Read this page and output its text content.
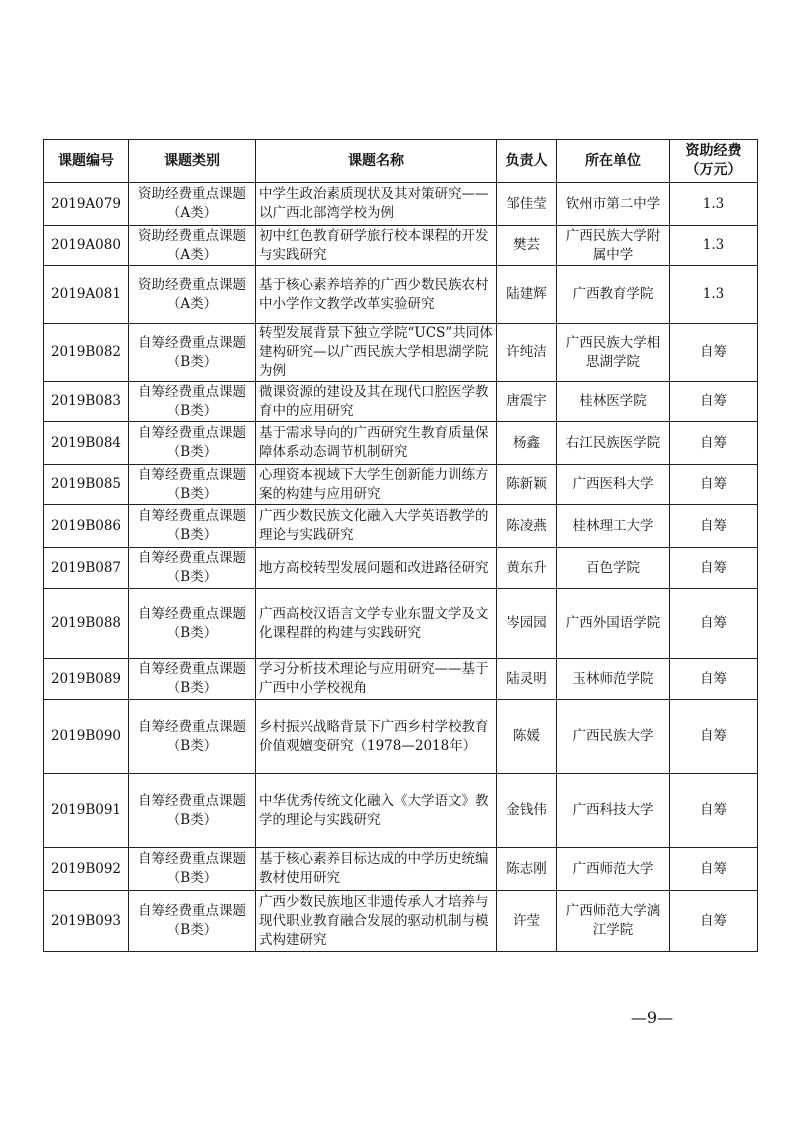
课题编号	课题类别	课题名称	负责人	所在单位	资助经费（万元）
2019A079	资助经费重点课题（A类）	中学生政治素质现状及其对策研究——以广西北部湾学校为例	邹佳莹	钦州市第二中学	1.3
2019A080	资助经费重点课题（A类）	初中红色教育研学旅行校本课程的开发与实践研究	樊芸	广西民族大学附属中学	1.3
2019A081	资助经费重点课题（A类）	基于核心素养培养的广西少数民族农村中小学作文教学改革实验研究	陆建辉	广西教育学院	1.3
2019B082	自筹经费重点课题（B类）	转型发展背景下独立学院“UCS”共同体建构研究—以广西民族大学相思湖学院为例	许纯洁	广西民族大学相思湖学院	自筹
2019B083	自筹经费重点课题（B类）	微课资源的建设及其在现代口腔医学教育中的应用研究	唐震宇	桂林医学院	自筹
2019B084	自筹经费重点课题（B类）	基于需求导向的广西研究生教育质量保障体系动态调节机制研究	杨鑫	右江民族医学院	自筹
2019B085	自筹经费重点课题（B类）	心理资本视域下大学生创新能力训练方案的构建与应用研究	陈新颖	广西医科大学	自筹
2019B086	自筹经费重点课题（B类）	广西少数民族文化融入大学英语教学的理论与实践研究	陈凌燕	桂林理工大学	自筹
2019B087	自筹经费重点课题（B类）	地方高校转型发展问题和改进路径研究	黄东升	百色学院	自筹
2019B088	自筹经费重点课题（B类）	广西高校汉语言文学专业东盟文学及文化课程群的构建与实践研究	岑园园	广西外国语学院	自筹
2019B089	自筹经费重点课题（B类）	学习分析技术理论与应用研究——基于广西中小学校视角	陆灵明	玉林师范学院	自筹
2019B090	自筹经费重点课题（B类）	乡村振兴战略背景下广西乡村学校教育价值观嬗变研究（1978—2018年）	陈媛	广西民族大学	自筹
2019B091	自筹经费重点课题（B类）	中华优秀传统文化融入《大学语文》教学的理论与实践研究	金钱伟	广西科技大学	自筹
2019B092	自筹经费重点课题（B类）	基于核心素养目标达成的中学历史统编教材使用研究	陈志刚	广西师范大学	自筹
2019B093	自筹经费重点课题（B类）	广西少数民族地区非遗传承人才培养与现代职业教育融合发展的驱动机制与模式构建研究	许莹	广西师范大学漓江学院	自筹
—9—
